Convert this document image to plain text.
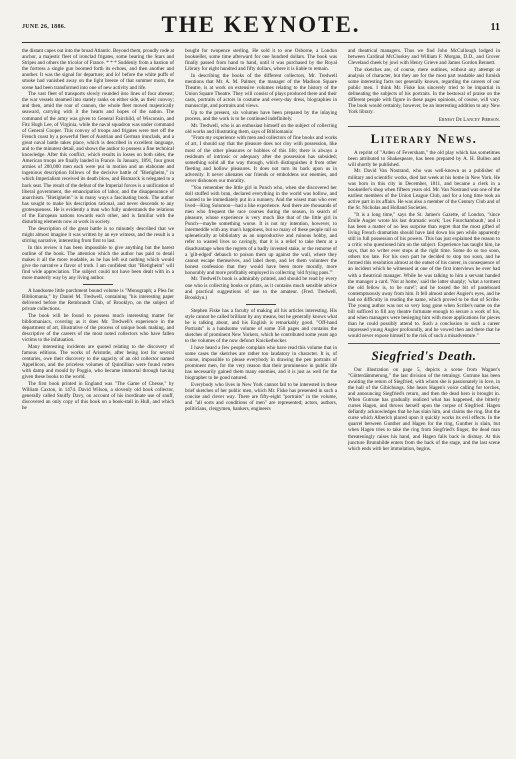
JUNE 26, 1886.	THE KEYNOTE.	11

the distant capes out into the broad Atlantic. Beyond them, proudly rode at anchor, a majestic fleet of ironclad frigates, some bearing the Stars and Stripes and others the tricolor of France. * * * Suddenly from a bastion of the fortress a single gun boomed forth its echoes, and then another and another. It was the signal for departure; and lo! before the white puffs of smoke had vanished away on the light breeze of that summer morn, the scene had been transformed into one of new activity and life.

The vast fleet of transports slowly rounded into lines of four abreast; the war vessels steamed into stately ranks on either side, as their convoy; and then, amid the roar of cannon, the whole fleet moved majestically seaward, carrying with it the hearts and hopes of the nation. The command of the army was given to General Fairchild, of Wisconsin, and Fitz Hugh Lee, of Virginia, while the naval squadron was under command of General Cooper. This convoy of troops and frigates were met off the French coast by a powerful fleet of Austrian and German ironclads, and a great naval battle takes place, which is described in excellent language, and to the minutest detail, and shows the author to possess a fine technical knowledge. After this conflict, which results in losses on both sides, the American troops are finally landed in France. In January, 1891, four great armies of 200,000 men each were put in motion and an elaborate and ingenious description follows of the decisive battle of "Bietigheim," in which Imperialism received its death blow, and Bismarck is relegated to a back seat. The result of the defeat of the Imperial forces is a unification of liberal government, the emancipation of labor, and the disappearance of anarchism. "Bietigheim" is in many ways a fascinating book. The author has sought to make his description rational, and never descends to any grotesqueness. He is evidently a man who fully understands the relations of the European nations towards each other, and is familiar with the disturbing elements now at work in society.

The description of the great battle is so minutely described that we might almost imagine it was written by an eye witness, and the result is a stirring narrative, interesting from first to last.

In this review it has been impossible to give anything but the barest outline of the book. The attention which the author has paid to detail makes it all the more readable, as he has left out nothing which would give the narrative a flavor of truth. I am confident that "Bietigheim" will find wide appreciation. The subject could not have been dealt with in a more masterly way by any living author.

A handsome little parchment bound volume is "Monograph; a Plea for Bibliomania," by Daniel M. Tredwell, containing "his interesting paper delivered before the Rembrandt Club, of Brooklyn, on the subject of private collections.

The book will be found to possess much interesting matter for bibliomaniacs, covering as it does Mr. Tredwell's experience in the department of art, illustrative of the process of unique book making, and descriptive of the careers of the most noted collectors who have fallen victims to the infatuation.

Many interesting incidents are quoted relating to the discovery of famous editions. The works of Aristotle, after being lost for several centuries, owe their discovery to the sagacity of an old collector named Appellicon, and the priceless volumes of Quintillian were found rotten with damp and mould by Poggio, who became immortal through having given these books to the world.

The first book printed in England was "The Game of Chesse," by William Caxton, in 1474. David Wilson, a slovenly old book collector, generally called Snuffy Davy, on account of his inordinate use of snuff, discovered an only copy of this book on a book-stall in Hull, and which he

bought for twopence sterling. He sold it to one Osborne, a London bookseller, some time afterward for one hundred dollars. The book was finally passed from hand to hand, until it was purchased by the Royal Library for eight hundred and fifty dollars, where it is liable to remain.

In describing the books of the different collectors, Mr. Tredwell mentions that Mr. A. M. Palmer, the manager of the Madison Square Theatre, is at work on extensive volumes relating to the history of the Union Square Theatre. They will consist of plays produced there and their casts, portraits of actors in costume and every-day dress, biographies in manuscript, and portraits and views.

Up to the present, six volumes have been prepared by the inlaying process, and the work is to be continued indefinitely.

Mr. Tredwell, who is an enthusiast himself on the subject of collecting old works and illustrating them, says of Bibliomania:

"From my experience with men and collectors of fine books and works of art, I should say that the pleasure does not cloy with possession, like most of the other pleasures or hobbies of this life; there is always a residuum of intrinsic or adequacy after the possession has subsided; something solid all the way through, which distinguishes it from other fleeting and hollow pleasures. It does not turn its back upon us in adversity. It never alienates our friends or emboldens our enemies, and never dishonors our morality.

"You remember the little girl in Punch who, when she discovered her doll stuffed with bran, declared everything in the world was hollow, and wanted to be immediately put in a nunnery. And the wisest man who ever lived—King Solomon—had a like experience. And there are thousands of men who frequent the race courses during the season, in search of pleasure, whose experience is very much like that of the little girl in Punch—maybe something worse. It is not my intention, however, to intermeddle with any man's happiness, but so many of these people rail so splenetically at bibliolatry as an unproductive and ruinous hobby, and refer to wasted lives so cavingly, that it is a relief to take them at a disadvantage when the regrets of a badly invested stake, or the remorse of a 'gilt-edged' debauch to poison them up against the wall, where they cannot escape themselves, and label them, and let them volunteer the honest confession that they would have been more morally, more honorably and more profitably employed in collecting 'old frying pans.'"

Mr. Tredwell's book is admirably printed, and should be read by every one who is collecting books or prints, as it contains much sensible advice and practical suggestions of use to the amateur. (Fred. Tredwell, Brooklyn.)

Stephen Fiske has a faculty of making all his articles interesting. His style cannot be called brilliant by any means, but he generally knows what he is talking about, and his English is remarkably good. "Off-hand Portraits" is a handsome volume of some 350 pages and contains the sketches of prominent New Yorkers, which he contributed some years ago to the volumes of the now defunct Knickerbocker.

I have heard a few people complain who have read this volume that in some cases the sketches are rather too laudatory in character. It is, of course, impossible to please everybody in drawing the pen portraits of prominent men, for the very reason that their prominence in public life has necessarily gained them many enemies, and it is just as well for the biographer to be good natured.

Everybody who lives in New York cannot fail to be interested in these brief sketches of her public men, which Mr. Fiske has presented in such a concise and clever way. There are fifty-eight "portraits" in the volume, and "all sorts and conditions of men" are represented; actors, authors, politicians, clergymen, bankers, engineers

and theatrical managers. Thus we find John McCullough lodged in between Cardinal McCloskey and William F. Morgan, D.D., and Grover Cleveland cheek by jowl with Henry Grieve and James Gordon Bennett.

The sketches are, of course, mere outlines, without any attempt at analysis of character, but they are for the most part readable and furnish some interesting facts not generally known, regarding the careers of our public men. I think Mr. Fiske has sincerely tried to be impartial in delineating the subjects of his portraits. In the bestowal of praise on the different people with figure in these pages opinions, of course, will vary. The book would certainly, however, be an interesting addition to any New York library.

Ernest De Lancey Pierson.
Literary News.

A reprint of "Arden of Feversham," the old play which has sometimes been attributed to Shakespeare, has been prepared by A. H. Bullen and will shortly be published.

Mr. David Van Nostrand, who was well-known as a publisher of military and scientific works, died last week at his home in New York. He was born in this city in December, 1811, and became a clerk in a bookseller's shop when fifteen years old. Mr. Van Nostrand was one of the earliest members of the Union League Club, and for a long time took an active part in its affairs. He was also a member of the Century Club and of the St. Nicholas and Holland Societies.

"It is a long time," says the St. James's Gazette, of London, "since Émile Augier wrote his last dramatic work; 'Les Fourchambault,' and it has been a matter of no less surprise than regret that the most gifted of living French dramatists should have laid down his pen while apparently still in full possession of his powers. This has just explained the reason to a critic who questioned him on the subject. Experience has taught him, he says, that no writer ever stops at the right time. Some do so too soon, others too late. For his own part he decided to stop too soon, and he formed this resolution almost at the outset of his career, in consequence of an incident which he witnessed at one of the first interviews he ever had with a theatrical manager. While he was talking to him a servant handed the manager a card. 'Not at home,' said the latter sharply; 'what a torment the old fellow is, to be sure!'; and he tossed the bit of pasteboard contemptuously away from him. It fell almost under Augier's eyes, and he had no difficulty in reading the name, which proved to be that of Scribe. The young author was not so very long gone when Scribe's name on the bill sufficed to fill any theatre fortunate enough to secure a work of his, and when managers were besieging him with more applications for pieces than he could possibly attend to. Such a conclusion to such a career impressed young Augier profoundly, and he vowed then and there that he would never expose himself to the risk of such a misadventure."

Siegfried's Death.

Our illustration on page 5, depicts a scene from Wagner's "Götterdämmerung," the last division of the tetralogy. Gutrune has been awaiting the return of Siegfried, with whom she is passionately in love, in the hall of the Gibichungs. She hears Hagen's voice calling for torches, and announcing Siegfried's return, and then the dead hero is brought in. When Gutrune has gradually realized what has happened, she bitterly curses Hagen, and throws herself upon the corpse of Siegfried. Hagen defiantly acknowledges that he has slain him, and claims the ring. But the curse which Alberich placed upon it quickly works its evil effects. In the quarrel between Gunther and Hagen for the ring, Gunther is slain, but when Hagen tries to take the ring from Siegfried's finger, the dead man threateningly raises his hand, and Hagen falls back in dismay. At this juncture Brunnhilde enters from the back of the stage, and the last scene which ends with her immolation, begins.
